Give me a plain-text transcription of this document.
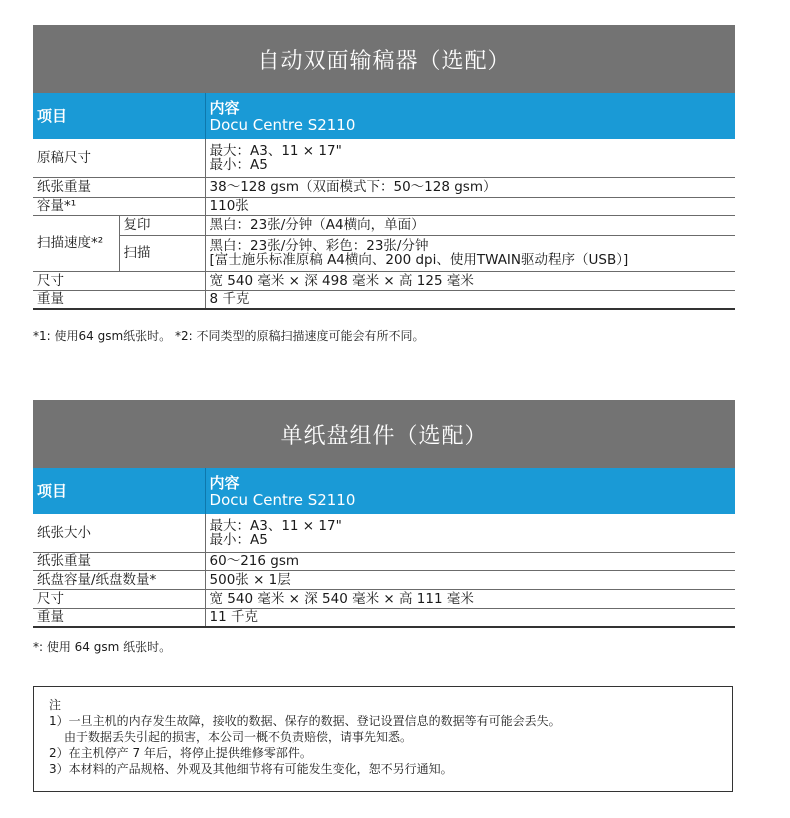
自动双面输稿器（选配）
项目		内容
Docu Centre S2110

原稿尺寸		最大：A3、11 × 17"
最小：A5

纸张重量		38～128 gsm（双面模式下：50～128 gsm）
容量*¹		110张
扫描速度*²	复印	黑白：23张/分钟（A4横向，单面）
	扫描	黑白：23张/分钟、彩色：23张/分钟
[富士施乐标准原稿 A4横向、200 dpi、使用TWAIN驱动程序（USB）]

尺寸		宽 540 毫米 × 深 498 毫米 × 高 125 毫米
重量		8 千克
*1: 使用64 gsm纸张时。 *2: 不同类型的原稿扫描速度可能会有所不同。
单纸盘组件（选配）
项目	内容
Docu Centre S2110

纸张大小	最大：A3、11 × 17"
最小：A5

纸张重量	60～216 gsm
纸盘容量/纸盘数量*	500张 × 1层
尺寸	宽 540 毫米 × 深 540 毫米 × 高 111 毫米
重量	11 千克
*: 使用 64 gsm 纸张时。
注
1）一旦主机的内存发生故障，接收的数据、保存的数据、登记设置信息的数据等有可能会丢失。
由于数据丢失引起的损害，本公司一概不负责赔偿，请事先知悉。
2）在主机停产 7 年后，将停止提供维修零部件。
3）本材料的产品规格、外观及其他细节将有可能发生变化，恕不另行通知。
